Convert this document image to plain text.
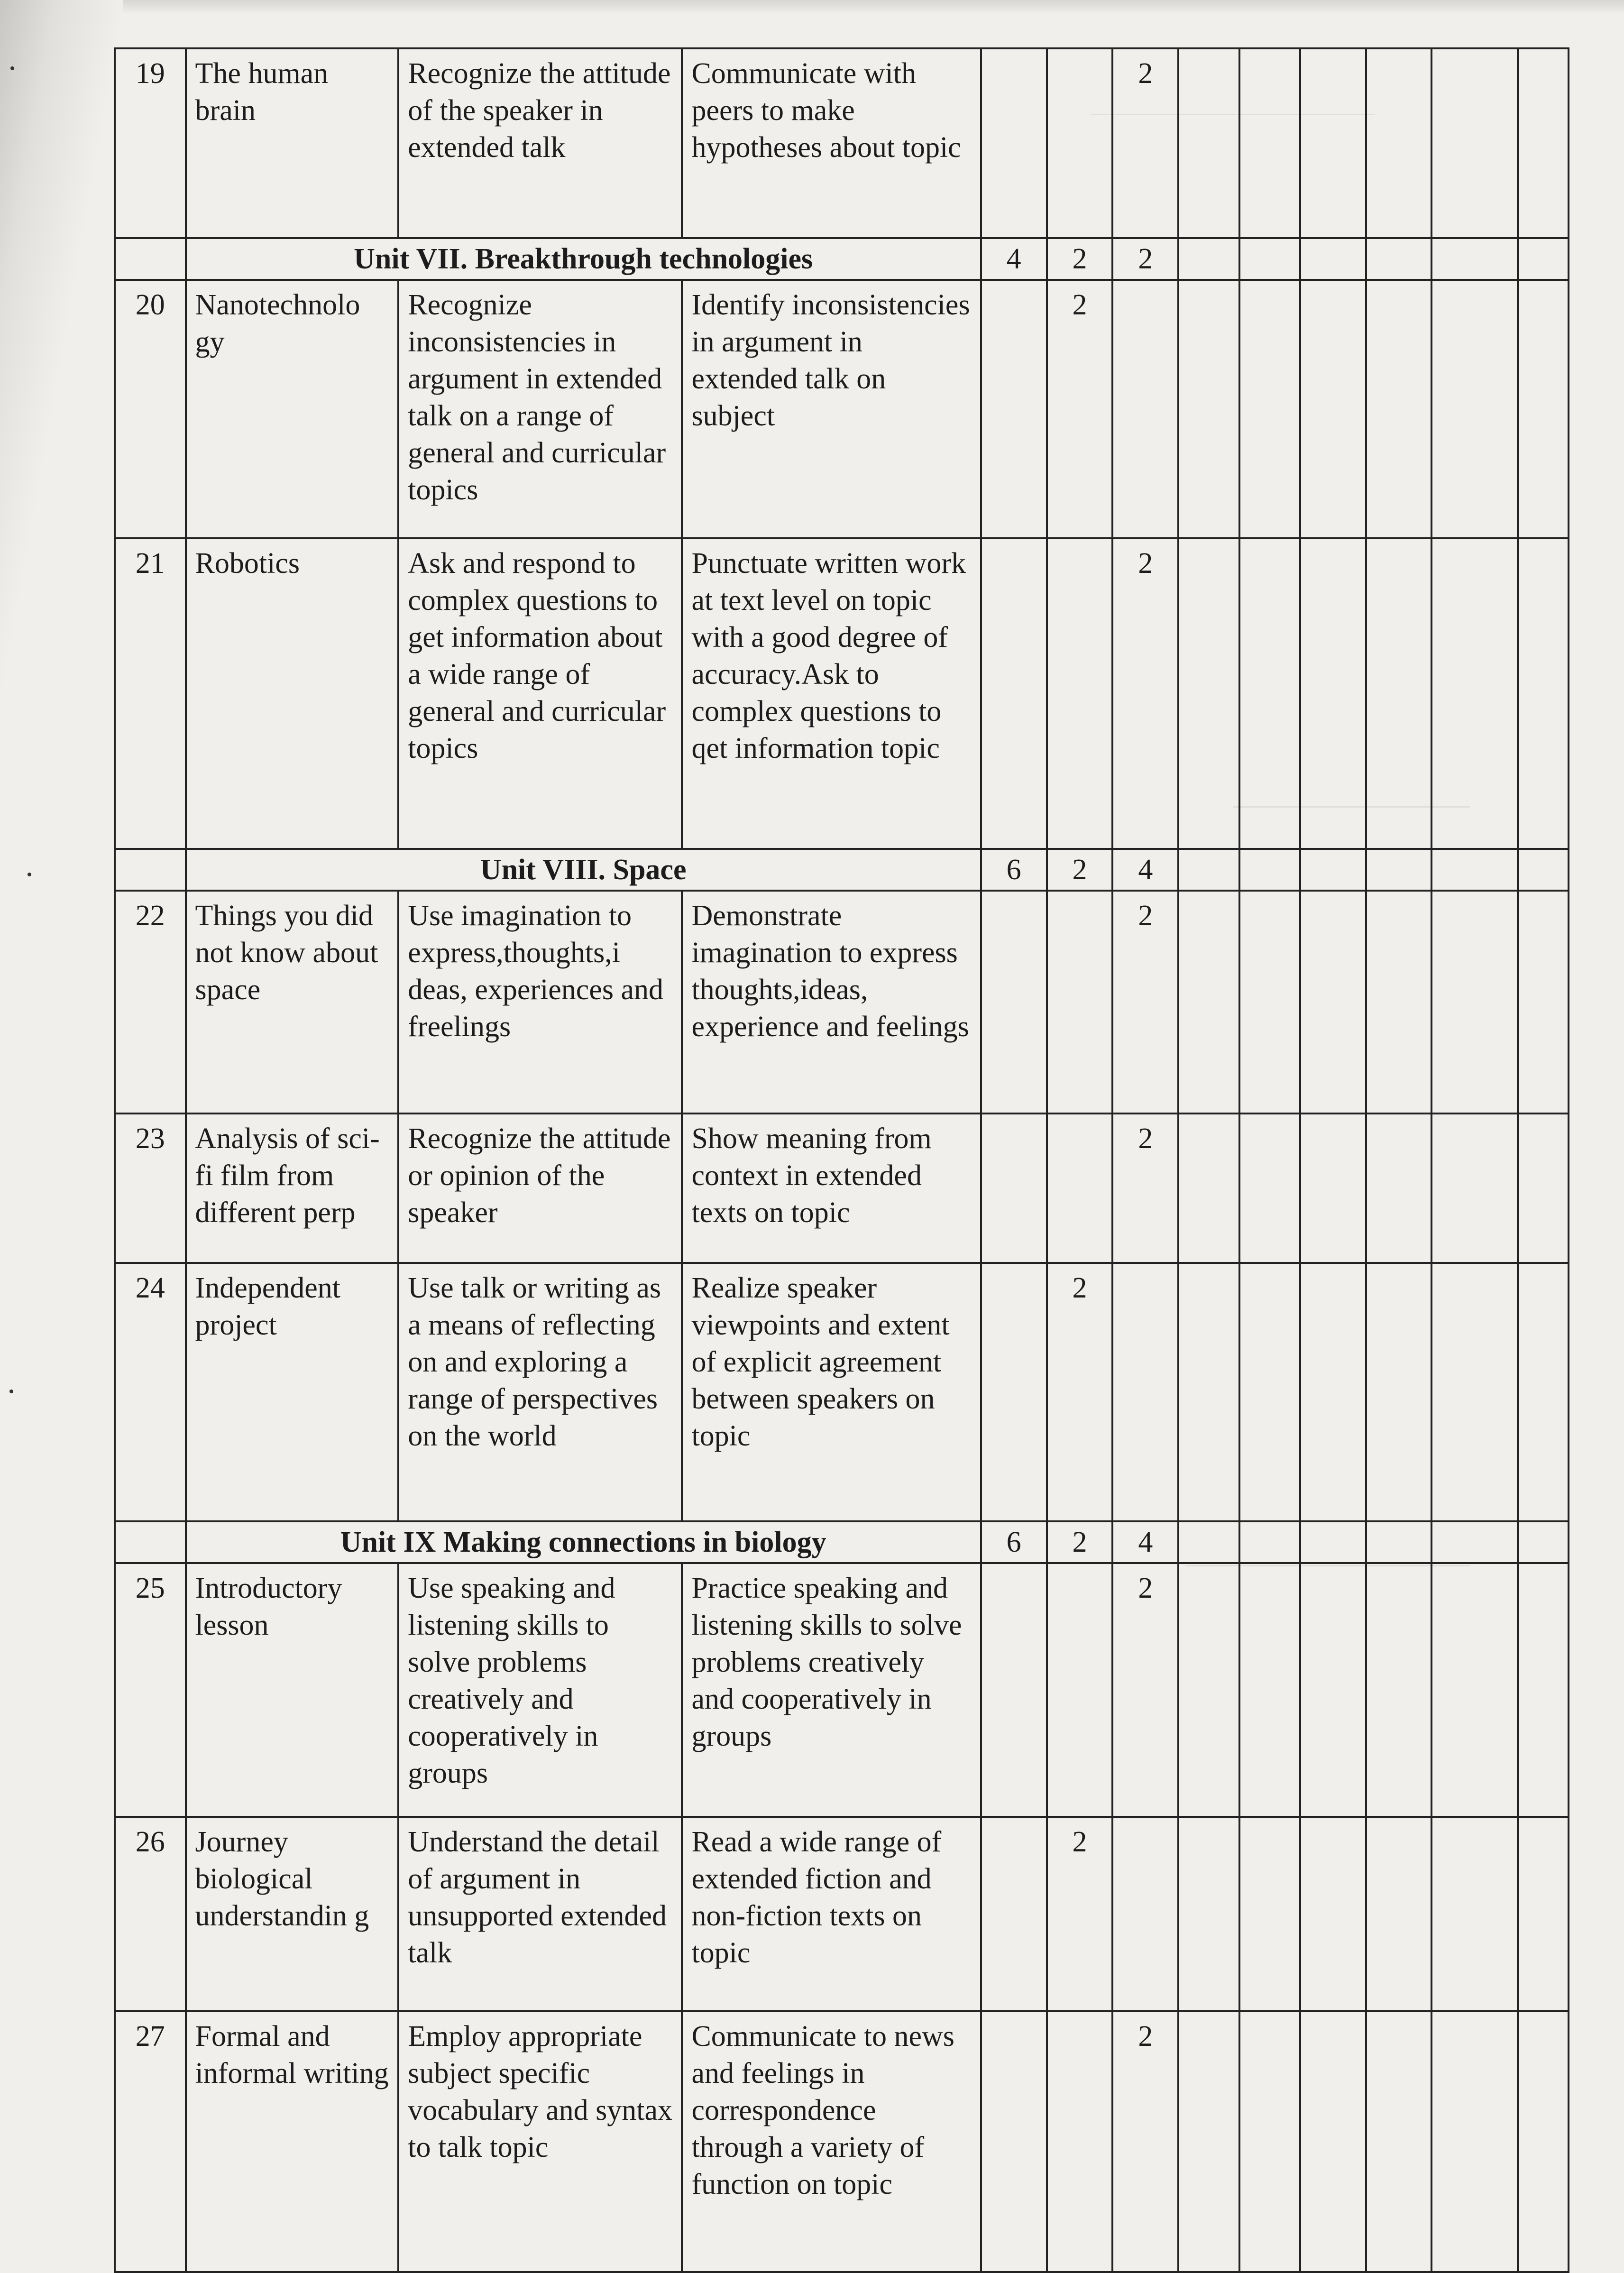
19	The human brain	Recognize the attitude of the speaker in extended talk	Communicate with peers to make hypotheses about topic			2						
	Unit VII. Breakthrough technologies			4	2	2						
20	Nanotechnolo gy	Recognize inconsistencies in argument in extended talk on a range of general and curricular topics	Identify inconsistencies in argument in extended talk on subject		2							
21	Robotics	Ask and respond to complex questions to get information about a wide range of general and curricular topics	Punctuate written work at text level on topic with a good degree of accuracy.Ask to complex questions to qet information topic			2						
	Unit VIII. Space			6	2	4						
22	Things you did not know about space	Use imagination to express,thoughts,i deas, experiences and freelings	Demonstrate imagination to express thoughts,ideas, experience and feelings			2						
23	Analysis of sci-fi film from different perp	Recognize the attitude or opinion of the speaker	Show meaning from context in extended texts on topic			2						
24	Independent project	Use talk or writing as a means of reflecting on and exploring a range of perspectives on the world	Realize speaker viewpoints and extent of explicit agreement between speakers on topic		2							
	Unit IX Making connections in biology			6	2	4						
25	Introductory lesson	Use speaking and listening skills to solve problems creatively and cooperatively in groups	Practice speaking and listening skills to solve problems creatively and cooperatively in groups			2						
26	Journey biological understandin g	Understand the detail of argument in unsupported extended talk	Read a wide range of extended fiction and non-fiction texts on topic		2							
27	Formal and informal writing	Employ appropriate subject specific vocabulary and syntax to talk topic	Communicate to news and feelings in correspondence through a variety of function on topic			2						
